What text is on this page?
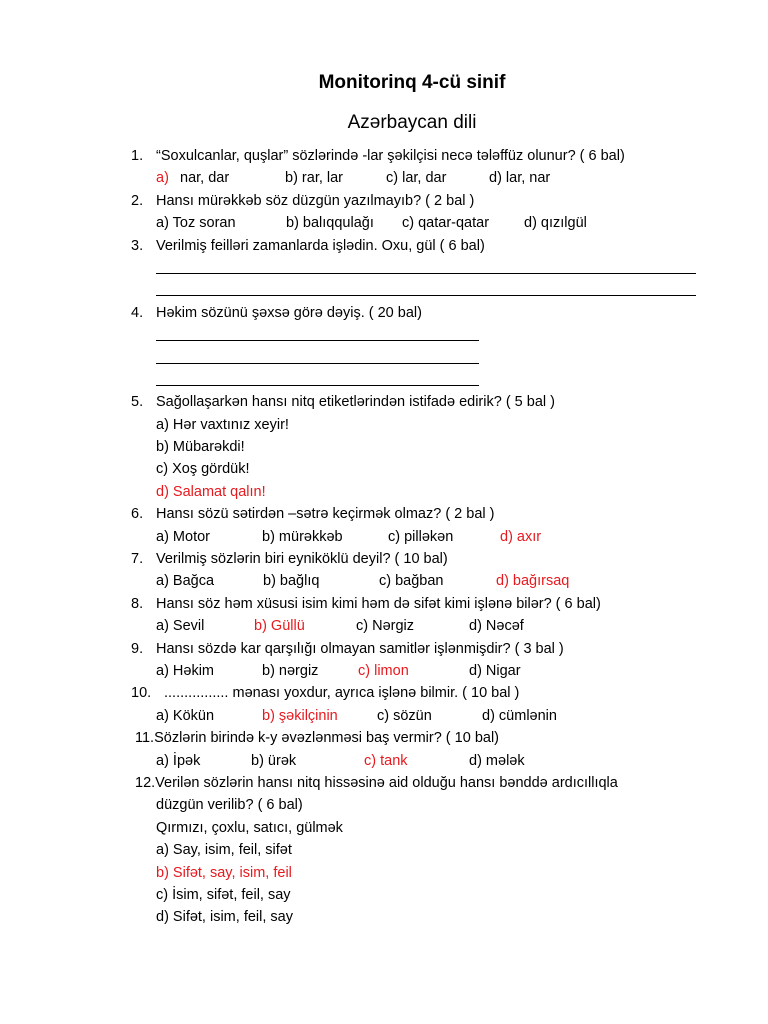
Monitorinq 4-cü sinif
Azərbaycan dili
1. “Soxulcanlar, quşlar” sözlərində -lar şəkilçisi necə tələffüz olunur? ( 6 bal)
a) nar, dar	b) rar, lar	c) lar, dar	d) lar, nar
2. Hansı mürəkkəb söz düzgün yazılmayıb? ( 2 bal )
a) Toz soran	b) balıqqulağı c) qatar-qatar d) qızılgül
3. Verilmiş feilləri zamanlarda işlədin. Oxu, gül ( 6 bal)
4. Həkim sözünü şəxsə görə dəyiş. ( 20 bal)
5. Sağollaşarkən hansı nitq etiketlərindən istifadə edirik? ( 5 bal )
a) Hər vaxtınız xeyir!
b) Mübarəkdi!
c) Xoş gördük!
d) Salamat qalın!
6. Hansı sözü sətirdən –sətrə keçirmək olmaz? ( 2 bal )
a) Motor	b) mürəkkəb	c) pilləkən	d) axır
7. Verilmiş sözlərin biri eyniköklü deyil? ( 10 bal)
a) Bağca	b) bağlıq	c) bağban	d) bağırsaq
8. Hansı söz həm xüsusi isim kimi həm də sifət kimi işlənə bilər? ( 6 bal)
a) Sevil	b) Güllü	c) Nərgiz	d) Nəcəf
9. Hansı sözdə kar qarşılığı olmayan samitlər işlənmişdir? ( 3 bal )
a) Həkim	b) nərgiz	c) limon	d) Nigar
10. ................ mənası yoxdur, ayrıca işlənə bilmir. ( 10 bal )
a) Kökün	b) şəkilçinin	c) sözün	d) cümlənin
11.Sözlərin birində k-y əvəzlənməsi baş vermir? ( 10 bal)
a) İpək	b) ürək	c) tank	d) mələk
12.Verilən sözlərin hansı nitq hissəsinə aid olduğu hansı bənddə ardıcıllıqla
düzgün verilib? ( 6 bal)
Qırmızı, çoxlu, satıcı, gülmək
a) Say, isim, feil, sifət
b) Sifət, say, isim, feil
c) İsim, sifət, feil, say
d) Sifət, isim, feil, say
